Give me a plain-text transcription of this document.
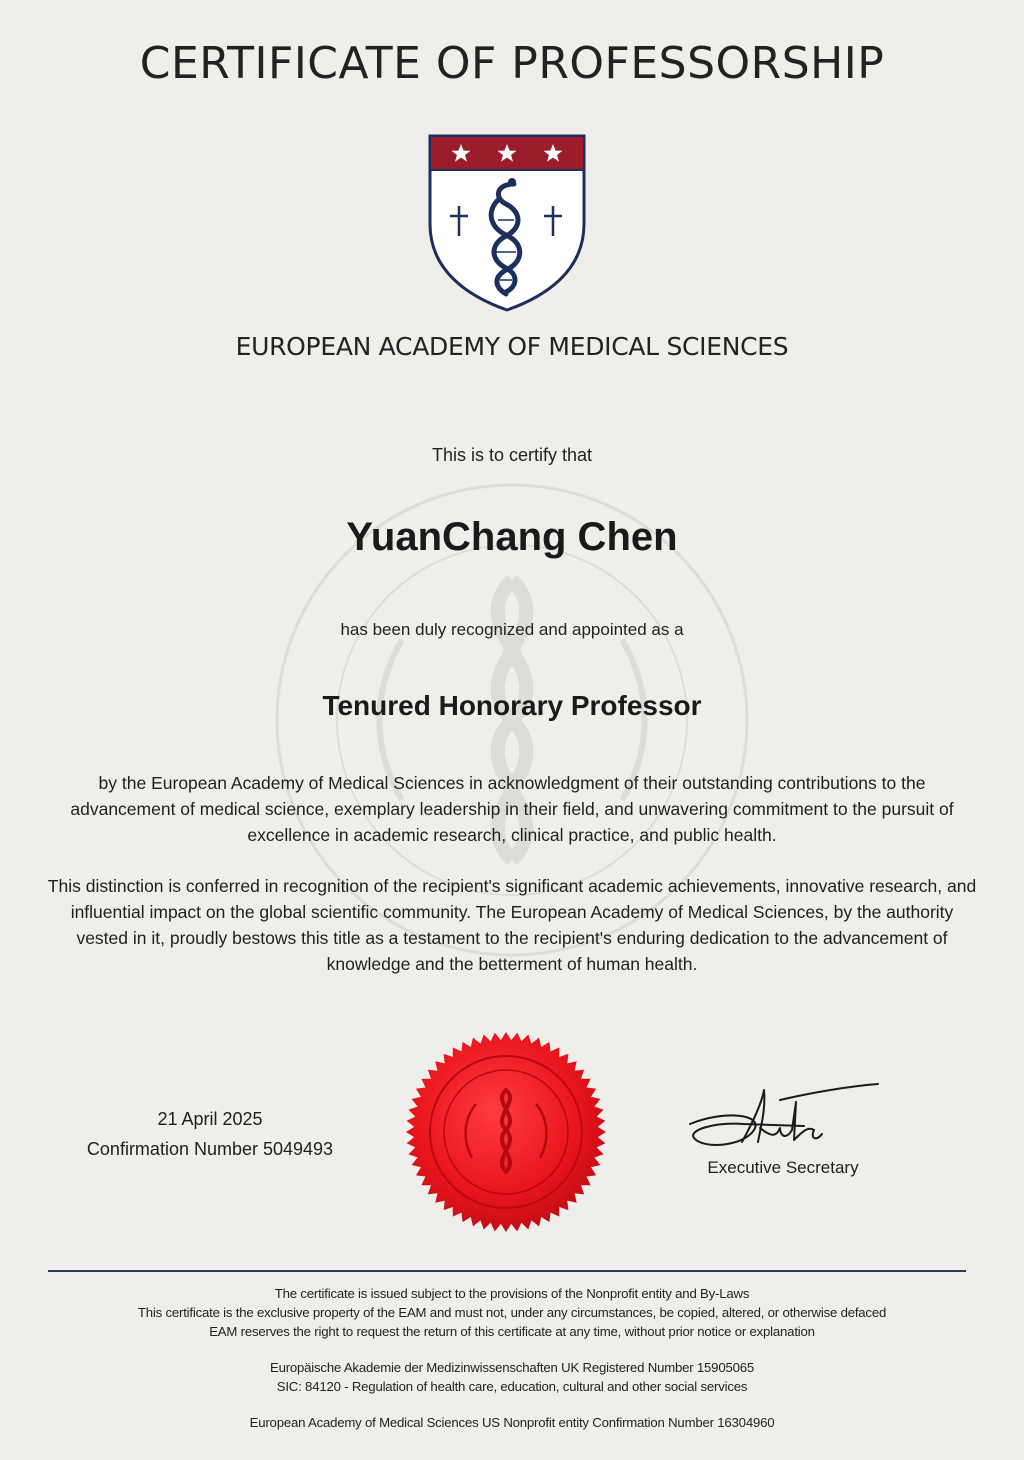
CERTIFICATE OF PROFESSORSHIP
EUROPEAN ACADEMY OF MEDICAL SCIENCES
This is to certify that
YuanChang Chen
has been duly recognized and appointed as a
Tenured Honorary Professor
by the European Academy of Medical Sciences in acknowledgment of their outstanding contributions to the advancement of medical science, exemplary leadership in their field, and unwavering commitment to the pursuit of excellence in academic research, clinical practice, and public health.
This distinction is conferred in recognition of the recipient's significant academic achievements, innovative research, and influential impact on the global scientific community. The European Academy of Medical Sciences, by the authority vested in it, proudly bestows this title as a testament to the recipient's enduring dedication to the advancement of knowledge and the betterment of human health.
21 April 2025
Confirmation Number 5049493
Executive Secretary
The certificate is issued subject to the provisions of the Nonprofit entity and By-Laws
This certificate is the exclusive property of the EAM and must not, under any circumstances, be copied, altered, or otherwise defaced
EAM reserves the right to request the return of this certificate at any time, without prior notice or explanation
Europäische Akademie der Medizinwissenschaften UK Registered Number 15905065
SIC: 84120 - Regulation of health care, education, cultural and other social services
European Academy of Medical Sciences US Nonprofit entity Confirmation Number 16304960
